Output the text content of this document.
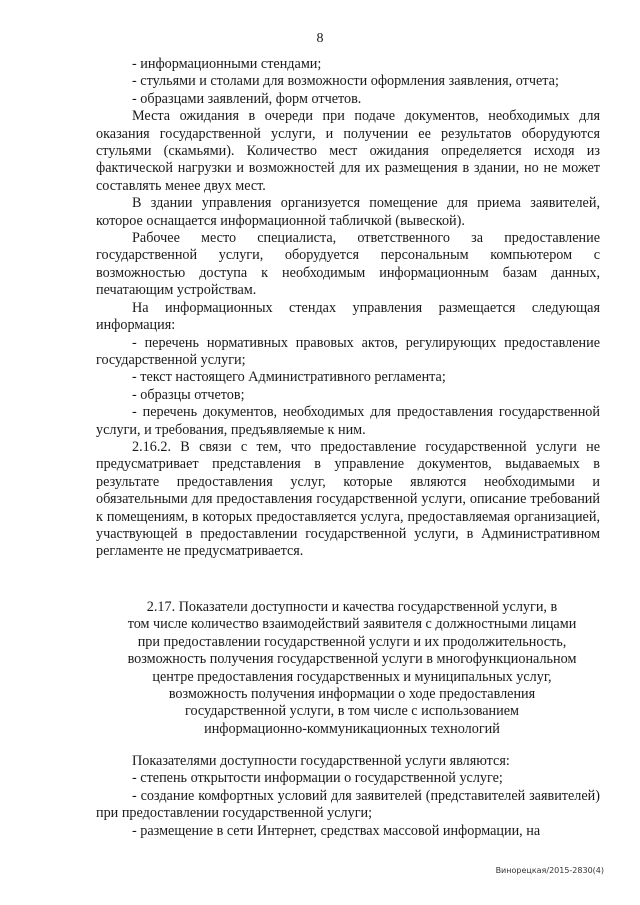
8

- информационными стендами;

- стульями и столами для возможности оформления заявления, отчета;

- образцами заявлений, форм отчетов.

Места ожидания в очереди при подаче документов, необходимых для оказания государственной услуги, и получении ее результатов оборудуются стульями (скамьями). Количество мест ожидания определяется исходя из фактической нагрузки и возможностей для их размещения в здании, но не может составлять менее двух мест.

В здании управления организуется помещение для приема заявителей, которое оснащается информационной табличкой (вывеской).

Рабочее место специалиста, ответственного за предоставление государственной услуги, оборудуется персональным компьютером с возможностью доступа к необходимым информационным базам данных, печатающим устройствам.

На информационных стендах управления размещается следующая информация:

- перечень нормативных правовых актов, регулирующих предоставление государственной услуги;

- текст настоящего Административного регламента;

- образцы отчетов;

- перечень документов, необходимых для предоставления государственной услуги, и требования, предъявляемые к ним.

2.16.2. В связи с тем, что предоставление государственной услуги не предусматривает представления в управление документов, выдаваемых в результате предоставления услуг, которые являются необходимыми и обязательными для предоставления государственной услуги, описание требований к помещениям, в которых предоставляется услуга, предоставляемая организацией, участвующей в предоставлении государственной услуги, в Административном регламенте не предусматривается.

2.17. Показатели доступности и качества государственной услуги, в
том числе количество взаимодействий заявителя с должностными лицами
при предоставлении государственной услуги и их продолжительность,
возможность получения государственной услуги в многофункциональном
центре предоставления государственных и муниципальных услуг,
возможность получения информации о ходе предоставления
государственной услуги, в том числе с использованием
информационно-коммуникационных технологий

Показателями доступности государственной услуги являются:

- степень открытости информации о государственной услуге;

- создание комфортных условий для заявителей (представителей заявителей) при предоставлении государственной услуги;

- размещение в сети Интернет, средствах массовой информации, на

Винорецкая/2015-2830(4)
